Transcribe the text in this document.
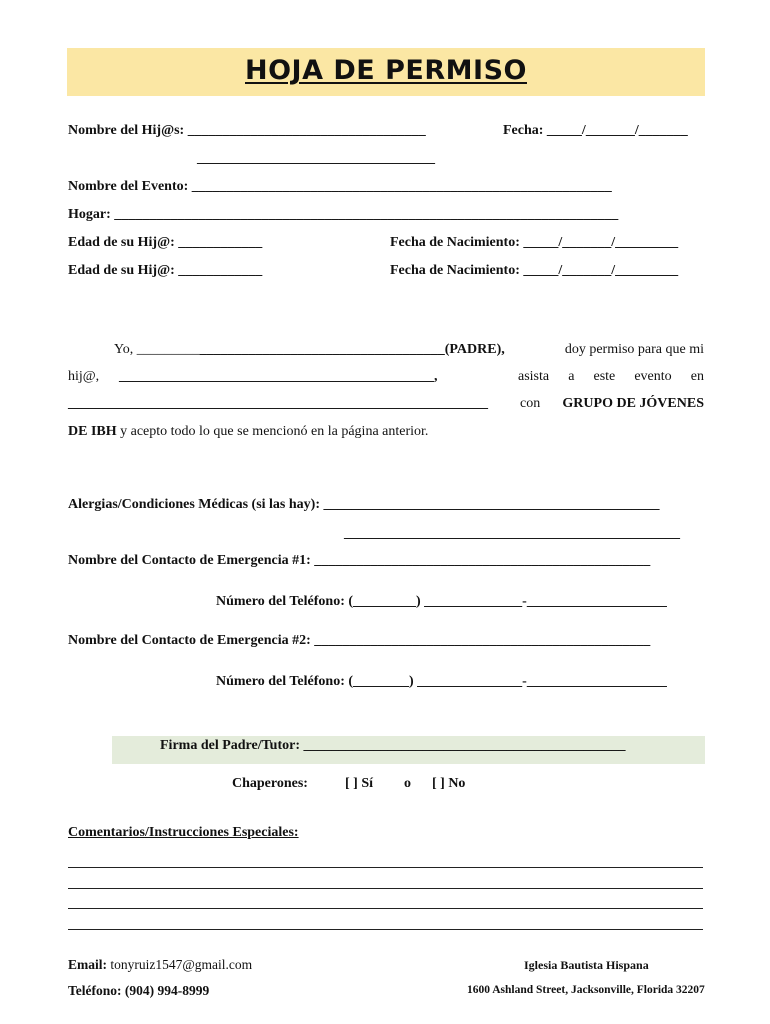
HOJA DE PERMISO
Nombre del Hij@s: __________________________________	Fecha: _____/_______/_______
__________________________________
Nombre del Evento: ____________________________________________________________
Hogar: ________________________________________________________________________
Edad de su Hij@: ____________	Fecha de Nacimiento: _____/_______/_________
Edad de su Hij@: ____________	Fecha de Nacimiento: _____/_______/_________
Yo, ____________________________________________(PADRE),	doy permiso para que mi
hij@, _____________________________________________,	asista a este evento en
____________________________________________________________ con GRUPO DE JÓVENES
DE IBH y acepto todo lo que se mencionó en la página anterior.
Alergias/Condiciones Médicas (si las hay): ________________________________________________
________________________________________________
Nombre del Contacto de Emergencia #1: ________________________________________________
Número del Teléfono: (_________) ______________-____________________
Nombre del Contacto de Emergencia #2: ________________________________________________
Número del Teléfono: (________) _______________-____________________
Firma del Padre/Tutor: ______________________________________________
Chaperones:	[ ] Sí o [ ] No
Comentarios/Instrucciones Especiales:
Email: tonyruiz1547@gmail.com	Iglesia Bautista Hispana
Teléfono: (904) 994-8999	1600 Ashland Street, Jacksonville, Florida 32207
